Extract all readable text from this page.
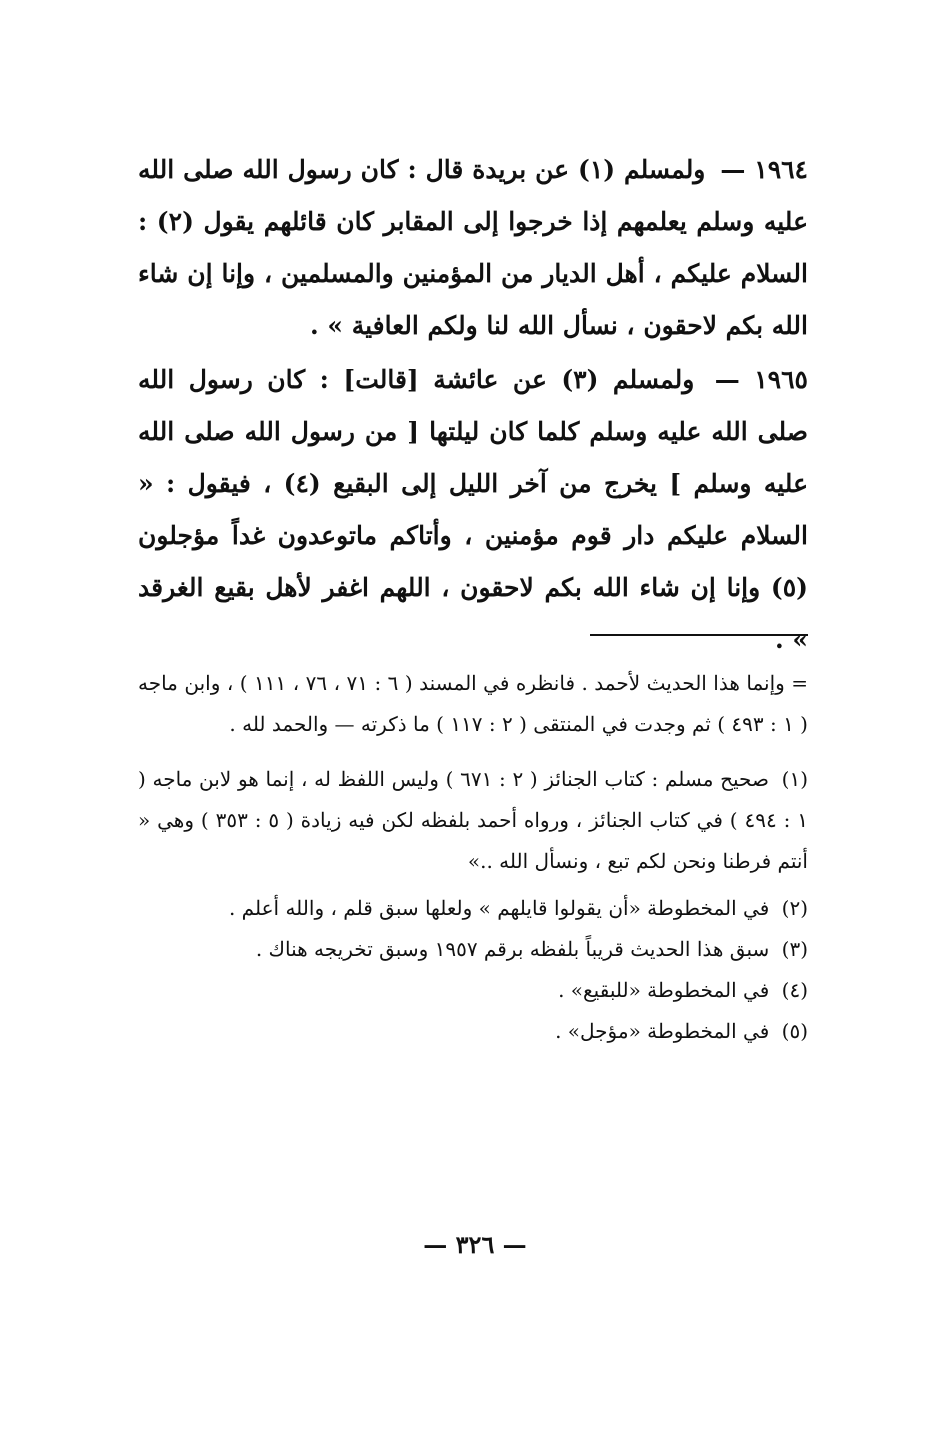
١٩٦٤ — ولمسلم (١) عن بريدة قال : كان رسول الله صلى الله عليه وسلم يعلمهم إذا خرجوا إلى المقابر كان قائلهم يقول (٢) : السلام عليكم ، أهل الديار من المؤمنين والمسلمين ، وإنا إن شاء الله بكم لاحقون ، نسأل الله لنا ولكم العافية » .

١٩٦٥ — ولمسلم (٣) عن عائشة [قالت] : كان رسول الله صلى الله عليه وسلم كلما كان ليلتها [ من رسول الله صلى الله عليه وسلم ] يخرج من آخر الليل إلى البقيع (٤) ، فيقول : « السلام عليكم دار قوم مؤمنين ، وأتاكم ماتوعدون غداً مؤجلون (٥) وإنا إن شاء الله بكم لاحقون ، اللهم اغفر لأهل بقيع الغرقد » .

= وإنما هذا الحديث لأحمد . فانظره في المسند ( ٦ : ٧١ ، ٧٦ ، ١١١ ) ، وابن ماجه ( ١ : ٤٩٣ ) ثم وجدت في المنتقى ( ٢ : ١١٧ ) ما ذكرته — والحمد لله .
(١) صحيح مسلم : كتاب الجنائز ( ٢ : ٦٧١ ) وليس اللفظ له ، إنما هو لابن ماجه ( ١ : ٤٩٤ ) في كتاب الجنائز ، ورواه أحمد بلفظه لكن فيه زيادة ( ٥ : ٣٥٣ ) وهي « أنتم فرطنا ونحن لكم تبع ، ونسأل الله ..»
(٢) في المخطوطة «أن يقولوا قايلهم » ولعلها سبق قلم ، والله أعلم .
(٣) سبق هذا الحديث قريباً بلفظه برقم ١٩٥٧ وسبق تخريجه هناك .
(٤) في المخطوطة «للبقيع» .
(٥) في المخطوطة «مؤجل» .
— ٣٢٦ —
